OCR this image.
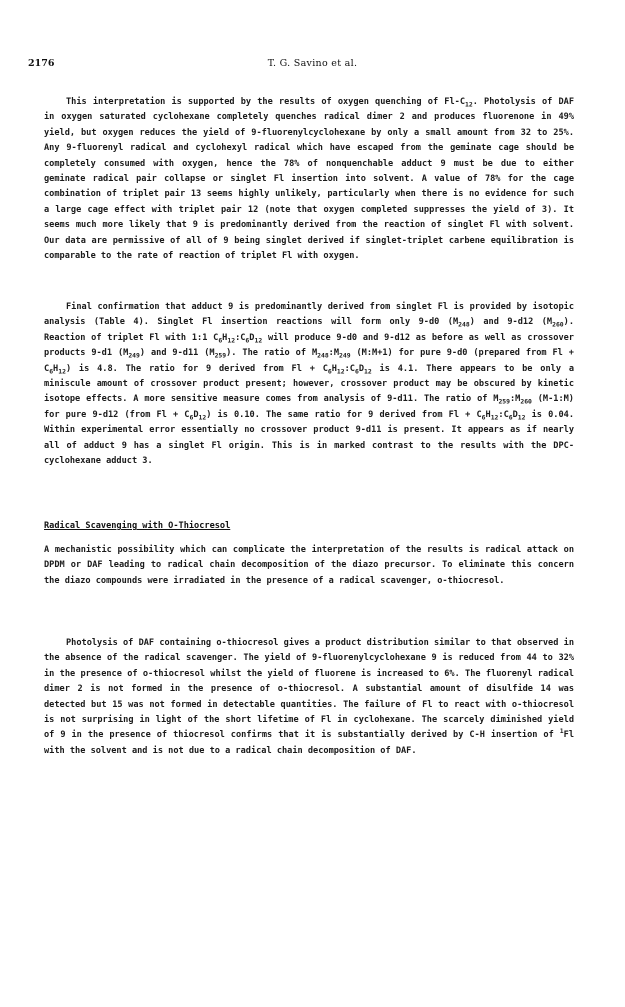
2176	T. G. Savino et al.

This interpretation is supported by the results of oxygen quenching of $Fl-C_{12}$. Photolysis of DAF in oxygen saturated cyclohexane completely quenches radical dimer 2 and produces fluorenone in 49% yield, but oxygen reduces the yield of 9-fluorenylcyclohexane by only a small amount from 32 to 25%. Any 9-fluorenyl radical and cyclohexyl radical which have escaped from the geminate cage should be completely consumed with oxygen, hence the 78% of nonquenchable adduct 9 must be due to either geminate radical pair collapse or singlet Fl insertion into solvent. A value of 78% for the cage combination of triplet pair 13 seems highly unlikely, particularly when there is no evidence for such a large cage effect with triplet pair 12 (note that oxygen completed suppresses the yield of 3). It seems much more likely that 9 is predominantly derived from the reaction of singlet Fl with solvent. Our data are permissive of all of 9 being singlet derived if singlet-triplet carbene equilibration is comparable to the rate of reaction of triplet Fl with oxygen.

Final confirmation that adduct 9 is predominantly derived from singlet Fl is provided by isotopic analysis (Table 4). Singlet Fl insertion reactions will form only 9-d0 $(M_{248})$ and 9-d12 $(M_{260})$. Reaction of triplet Fl with 1:1 $C_6H_{12}:C_6D_{12}$ will produce 9-d0 and 9-d12 as before as well as crossover products 9-d1 $(M_{249})$ and 9-d11 $(M_{259})$. The ratio of $M_{248}:M_{249}$ (M:M+1) for pure 9-d0 (prepared from $Fl + C_6H_{12}$) is 4.8. The ratio for 9 derived from $Fl + C_6H_{12}:C_6D_{12}$ is 4.1. There appears to be only a miniscule amount of crossover product present; however, crossover product may be obscured by kinetic isotope effects. A more sensitive measure comes from analysis of 9-d11. The ratio of $M_{259}:M_{260}$ (M-1:M) for pure 9-d12 (from $Fl + C_6D_{12}$) is 0.10. The same ratio for 9 derived from $Fl + C_6H_{12}:C_6D_{12}$ is 0.04. Within experimental error essentially no crossover product 9-d11 is present. It appears as if nearly all of adduct 9 has a singlet Fl origin. This is in marked contrast to the results with the DPC-cyclohexane adduct 3.

Radical Scavenging with O-Thiocresol

A mechanistic possibility which can complicate the interpretation of the results is radical attack on DPDM or DAF leading to radical chain decomposition of the diazo precursor. To eliminate this concern the diazo compounds were irradiated in the presence of a radical scavenger, o-thiocresol.

Photolysis of DAF containing o-thiocresol gives a product distribution similar to that observed in the absence of the radical scavenger. The yield of 9-fluorenylcyclohexane 9 is reduced from 44 to 32% in the presence of o-thiocresol whilst the yield of fluorene is increased to 6%. The fluorenyl radical dimer 2 is not formed in the presence of o-thiocresol. A substantial amount of disulfide 14 was detected but 15 was not formed in detectable quantities. The failure of Fl to react with o-thiocresol is not surprising in light of the short lifetime of Fl in cyclohexane. The scarcely diminished yield of 9 in the presence of thiocresol confirms that it is substantially derived by C-H insertion of $^1$Fl with the solvent and is not due to a radical chain decomposition of DAF.
